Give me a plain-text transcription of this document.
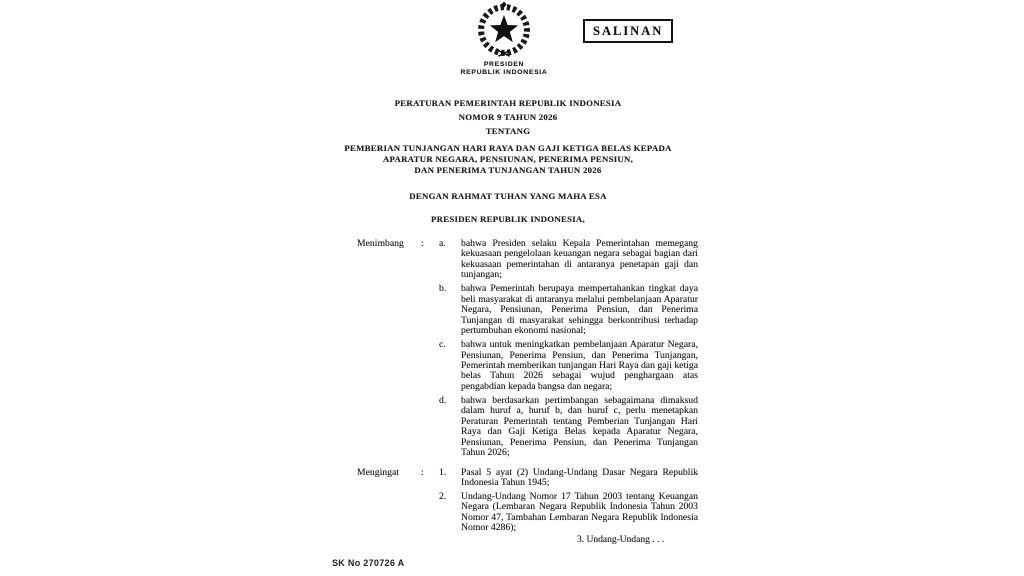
PRESIDEN
REPUBLIK INDONESIA
SALINAN
PERATURAN PEMERINTAH REPUBLIK INDONESIA
NOMOR 9 TAHUN 2026
TENTANG
PEMBERIAN TUNJANGAN HARI RAYA DAN GAJI KETIGA BELAS KEPADA
APARATUR NEGARA, PENSIUNAN, PENERIMA PENSIUN,
DAN PENERIMA TUNJANGAN TAHUN 2026
DENGAN RAHMAT TUHAN YANG MAHA ESA
PRESIDEN REPUBLIK INDONESIA,
Menimbang	:	a.	bahwa Presiden selaku Kepala Pemerintahan memegang kekuasaan pengelolaan keuangan negara sebagai bagian dari kekuasaan pemerintahan di antaranya penetapan gaji dan tunjangan;
b.	bahwa Pemerintah berupaya mempertahankan tingkat daya beli masyarakat di antaranya melalui pembelanjaan Aparatur Negara, Pensiunan, Penerima Pensiun, dan Penerima Tunjangan di masyarakat sehingga berkontribusi terhadap pertumbuhan ekonomi nasional;
c.	bahwa untuk meningkatkan pembelanjaan Aparatur Negara, Pensiunan, Penerima Pensiun, dan Penerima Tunjangan, Pemerintah memberikan tunjangan Hari Raya dan gaji ketiga belas Tahun 2026 sebagai wujud penghargaan atas pengabdian kepada bangsa dan negara;
d.	bahwa berdasarkan pertimbangan sebagaimana dimaksud dalam huruf a, huruf b, dan huruf c, perlu menetapkan Peraturan Pemerintah tentang Pemberian Tunjangan Hari Raya dan Gaji Ketiga Belas kepada Aparatur Negara, Pensiunan, Penerima Pensiun, dan Penerima Tunjangan Tahun 2026;
Mengingat	:	1.	Pasal 5 ayat (2) Undang-Undang Dasar Negara Republik Indonesia Tahun 1945;
2.	Undang-Undang Nomor 17 Tahun 2003 tentang Keuangan Negara (Lembaran Negara Republik Indonesia Tahun 2003 Nomor 47, Tambahan Lembaran Negara Republik Indonesia Nomor 4286);
3. Undang-Undang . . .
SK No 270726 A
